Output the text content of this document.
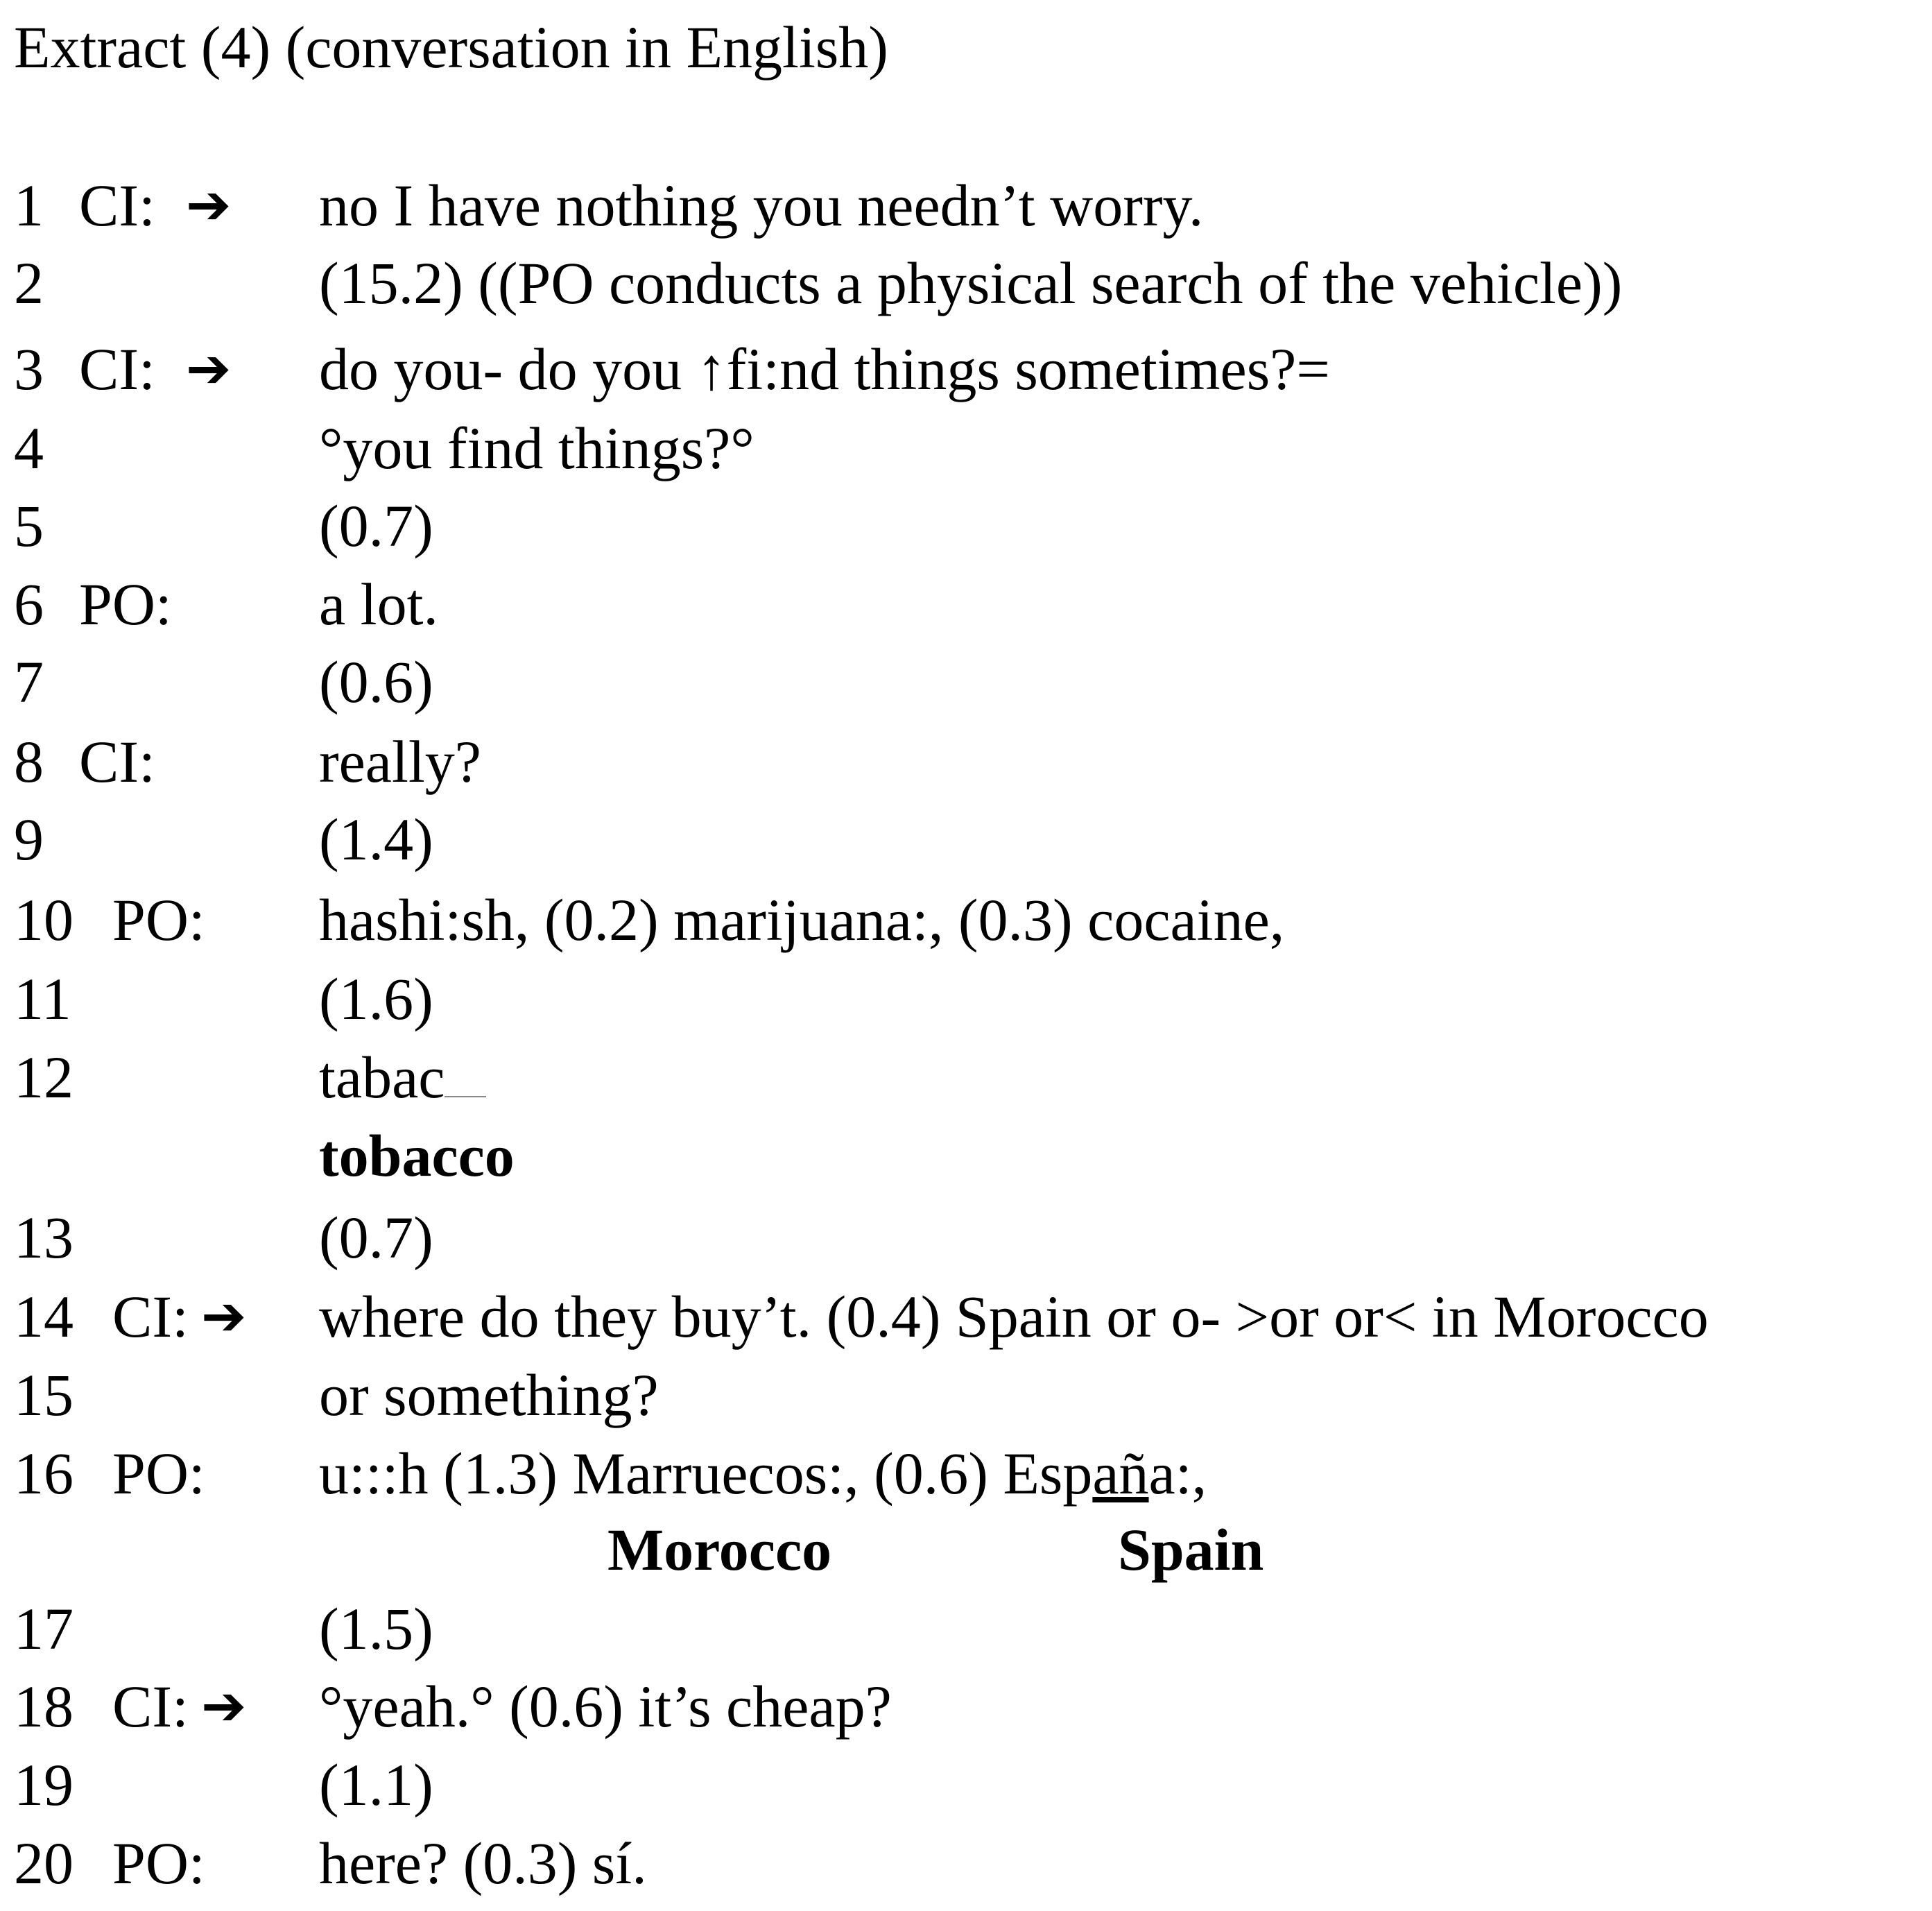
Extract (4) (conversation in English)
1 CI: ➔ no I have nothing you needn’t worry.
2	(15.2) ((PO conducts a physical search of the vehicle))
3 CI: ➔ do you- do you ↑fi:nd things sometimes?=
4	°you find things?°
5	(0.7)
6 PO: a lot.
7	(0.6)
8 CI:	really?
9	(1.4)
10 PO: hashi:sh, (0.2) marijuana:, (0.3) cocaine,
11	(1.6)
12	tabac
tobacco
13	(0.7)
14 CI: ➔ where do they buy’t. (0.4) Spain or o- >or or< in Morocco
15	or something?
16 PO: u:::h (1.3) Marruecos:, (0.6) España:,
Morocco	Spain
17	(1.5)
18 CI: ➔ °yeah.° (0.6) it’s cheap?
19	(1.1)
20 PO: here? (0.3) sí.
